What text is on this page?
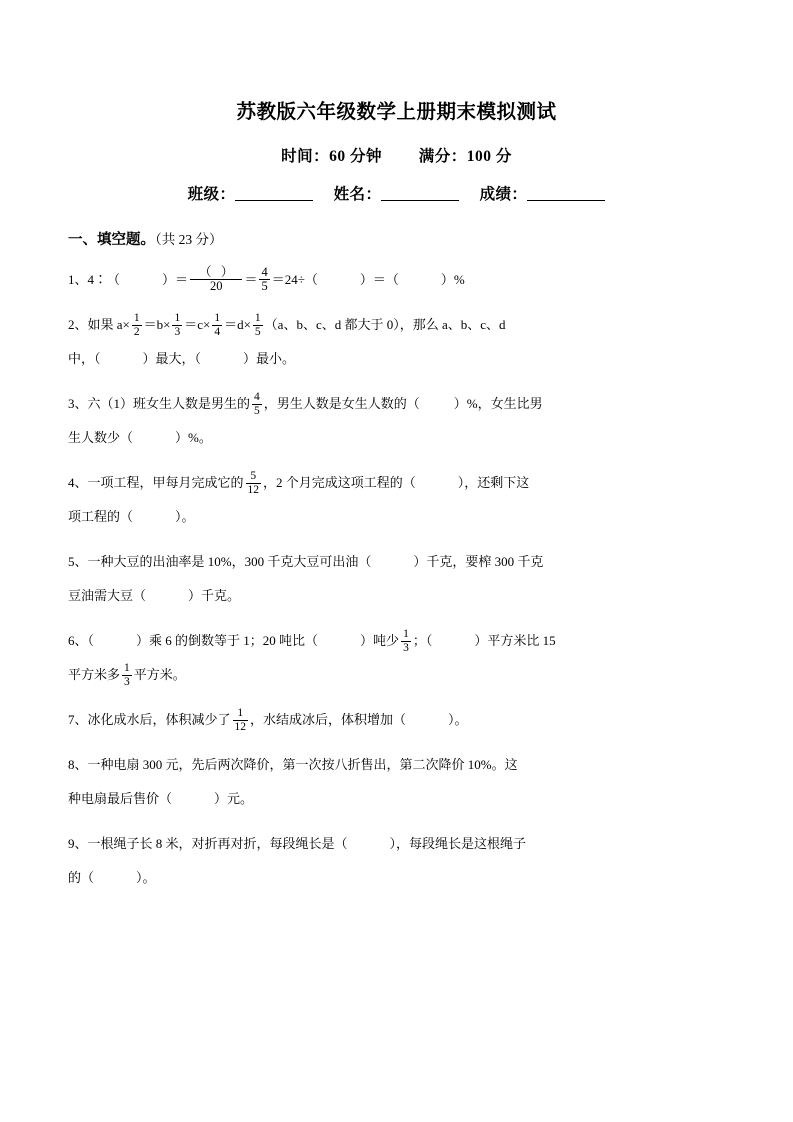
苏教版六年级数学上册期末模拟测试
时间：60 分钟 满分：100 分
班级：	姓名：	成绩：
一、填空题。（共 23 分）
1、4∶（	）＝ $\frac{( )}{20} = \frac{4}{5} =24\div$（	）＝（	）%
2、如果 $a\times \frac{1}{2} =b\times \frac{1}{3} =c\times \frac{1}{4} =d\times \frac{1}{5} (a$、b、c、d 都大于 0），那么 a、b、c、d
中，（	）最大，（	）最小。
3、六（1）班女生人数是男生的 $\frac{4}{5}$ ，男生人数是女生人数的（	）%，女生比男
生人数少（	）%。
4、一项工程，甲每月完成它的 $\frac{5}{12}$ ，2 个月完成这项工程的（	），还剩下这
项工程的（	）。
5、一种大豆的出油率是 10%，300 千克大豆可出油（	）千克，要榨 300 千克
豆油需大豆（	）千克。
6、（	）乘 6 的倒数等于 1；20 吨比（	）吨少 $\frac{1}{3}$ ；（	）平方米比 15
平方米多 $\frac{1}{3}$ 平方米。
7、冰化成水后，体积减少了 $\frac{1}{12}$ ，水结成冰后，体积增加（	）。
8、一种电扇 300 元，先后两次降价，第一次按八折售出，第二次降价 10%。这
种电扇最后售价（	）元。
9、一根绳子长 8 米，对折再对折，每段绳长是（	），每段绳长是这根绳子
的（	）。
